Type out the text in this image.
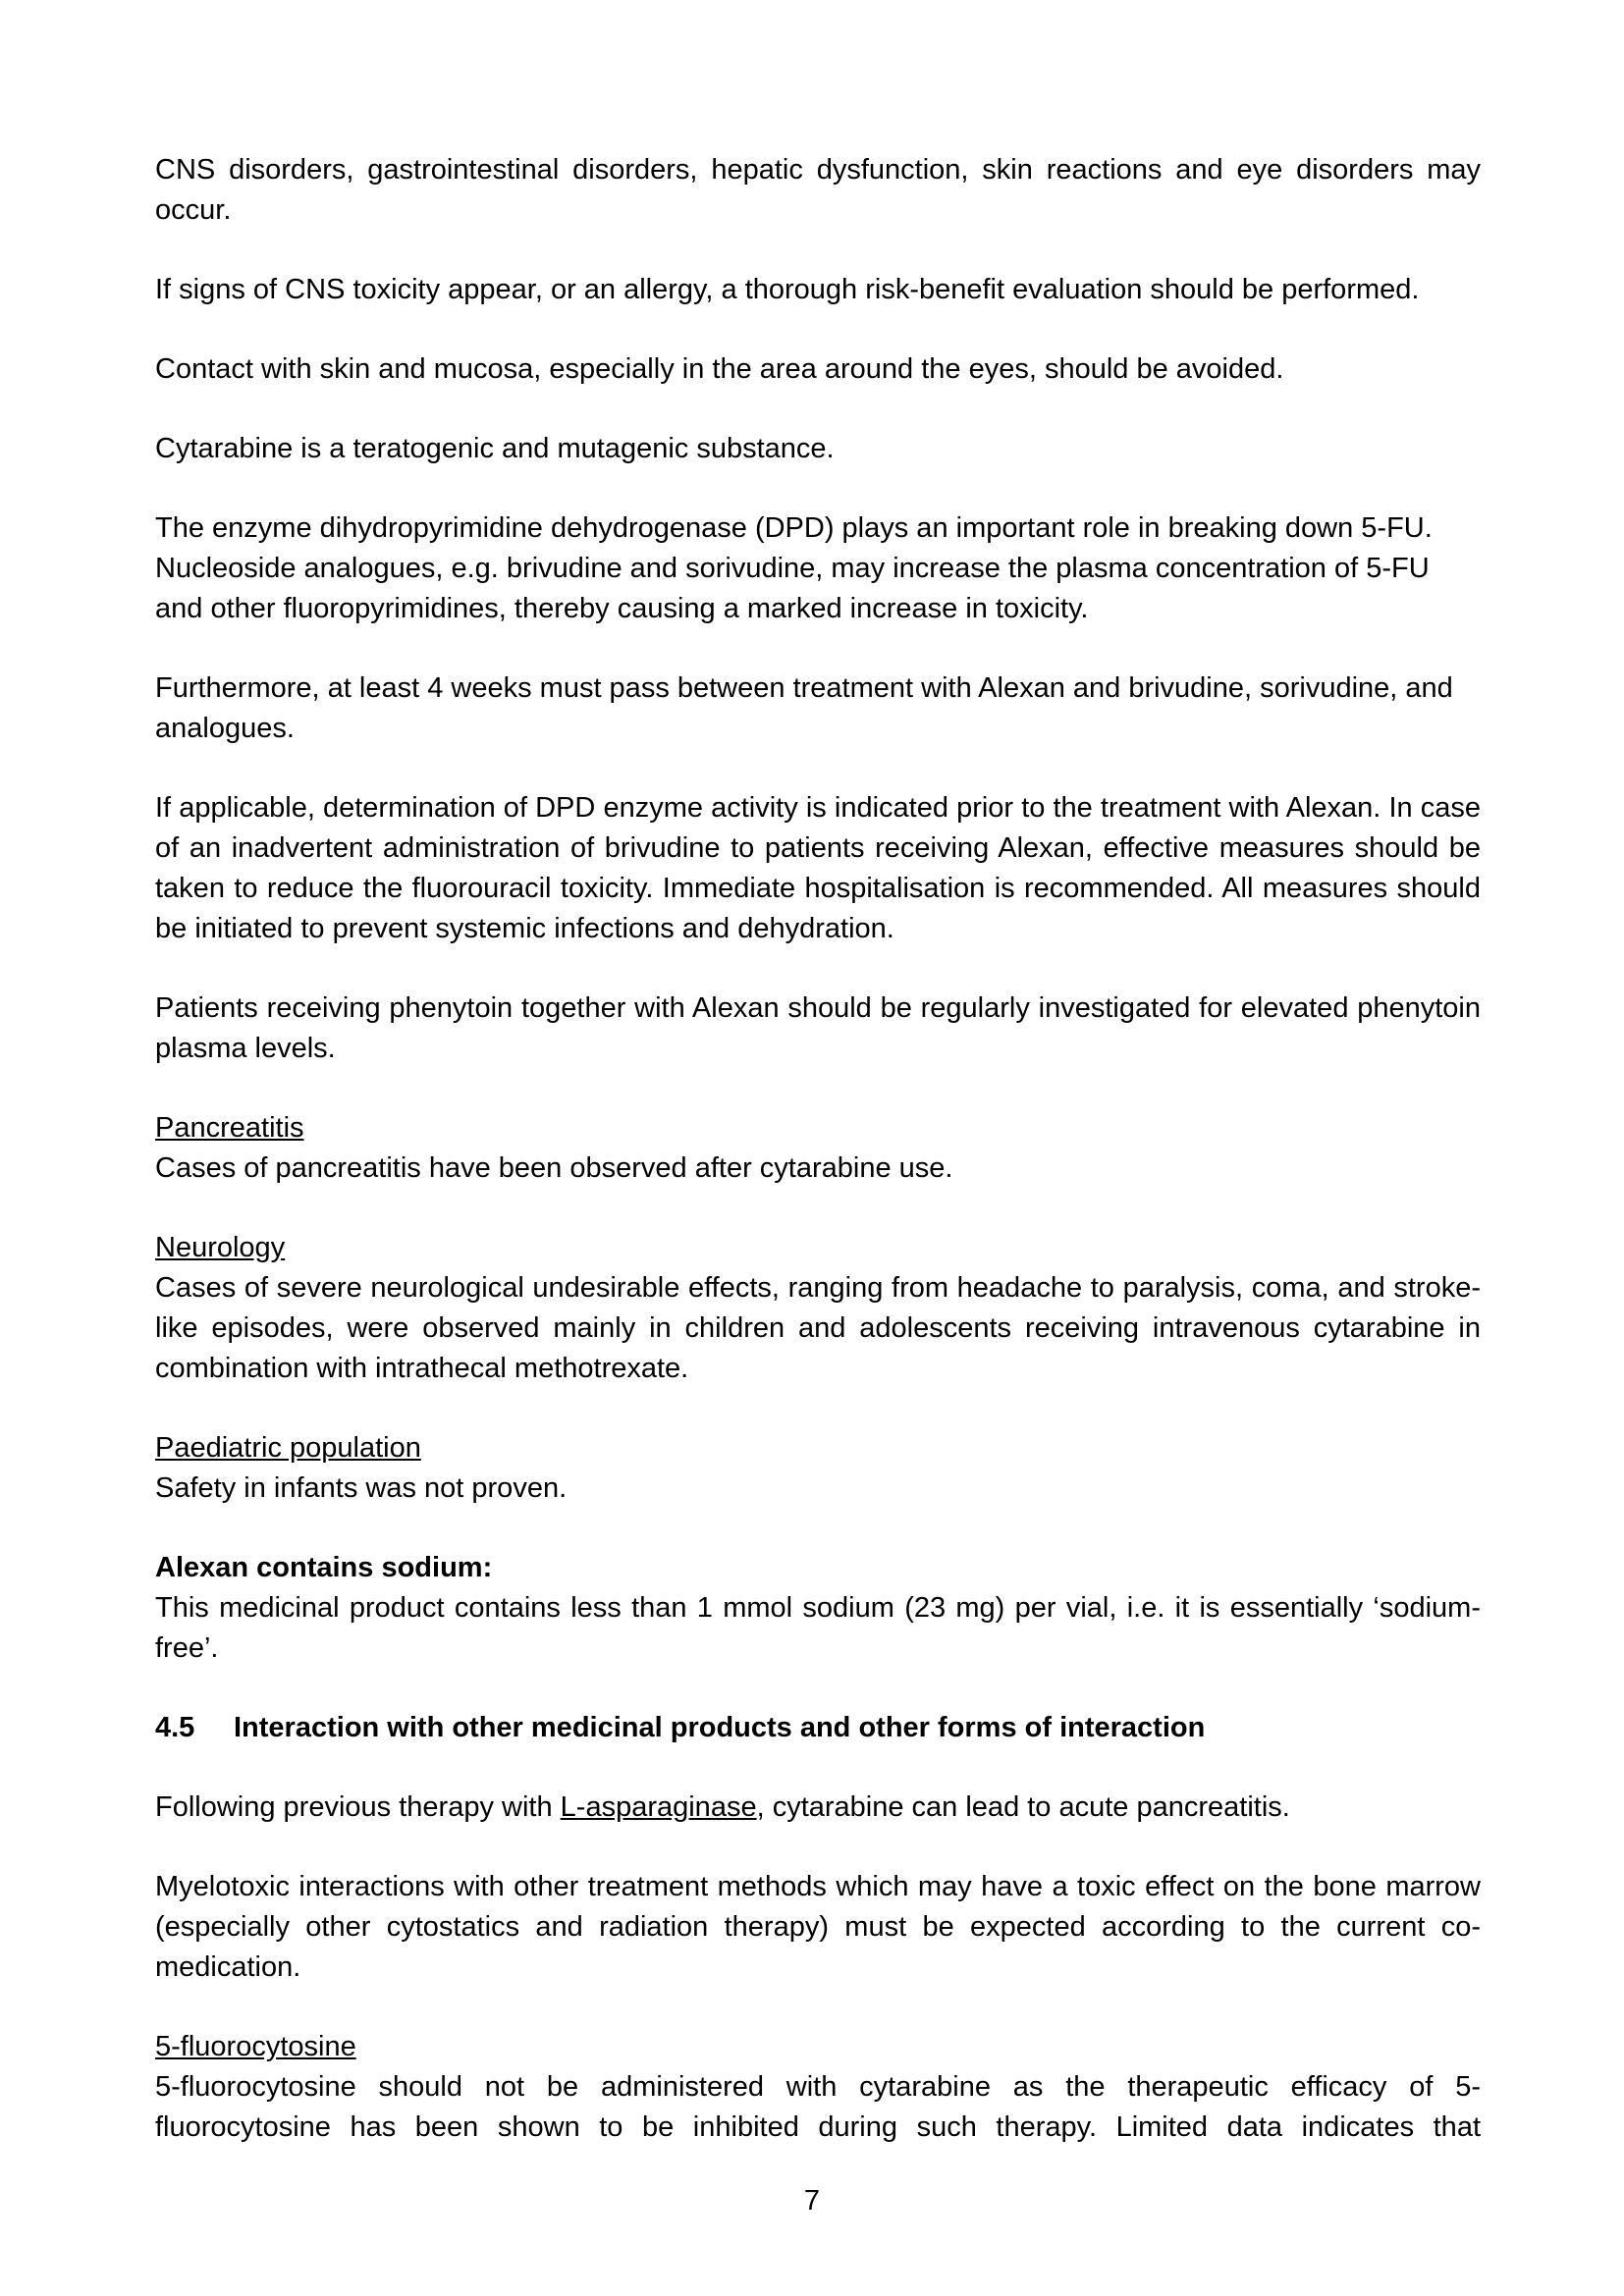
CNS disorders, gastrointestinal disorders, hepatic dysfunction, skin reactions and eye disorders may occur.

If signs of CNS toxicity appear, or an allergy, a thorough risk-benefit evaluation should be performed.

Contact with skin and mucosa, especially in the area around the eyes, should be avoided.

Cytarabine is a teratogenic and mutagenic substance.

The enzyme dihydropyrimidine dehydrogenase (DPD) plays an important role in breaking down 5-FU. Nucleoside analogues, e.g. brivudine and sorivudine, may increase the plasma concentration of 5-FU and other fluoropyrimidines, thereby causing a marked increase in toxicity.

Furthermore, at least 4 weeks must pass between treatment with Alexan and brivudine, sorivudine, and analogues.

If applicable, determination of DPD enzyme activity is indicated prior to the treatment with Alexan. In case of an inadvertent administration of brivudine to patients receiving Alexan, effective measures should be taken to reduce the fluorouracil toxicity. Immediate hospitalisation is recommended. All measures should be initiated to prevent systemic infections and dehydration.

Patients receiving phenytoin together with Alexan should be regularly investigated for elevated phenytoin plasma levels.

Pancreatitis

Cases of pancreatitis have been observed after cytarabine use.

Neurology

Cases of severe neurological undesirable effects, ranging from headache to paralysis, coma, and stroke-like episodes, were observed mainly in children and adolescents receiving intravenous cytarabine in combination with intrathecal methotrexate.

Paediatric population

Safety in infants was not proven.

Alexan contains sodium:

This medicinal product contains less than 1 mmol sodium (23 mg) per vial, i.e. it is essentially ‘sodium-free’.

4.5 Interaction with other medicinal products and other forms of interaction

Following previous therapy with L-asparaginase, cytarabine can lead to acute pancreatitis.

Myelotoxic interactions with other treatment methods which may have a toxic effect on the bone marrow (especially other cytostatics and radiation therapy) must be expected according to the current co-medication.

5-fluorocytosine

5-fluorocytosine should not be administered with cytarabine as the therapeutic efficacy of 5-fluorocytosine has been shown to be inhibited during such therapy. Limited data indicates that

7
